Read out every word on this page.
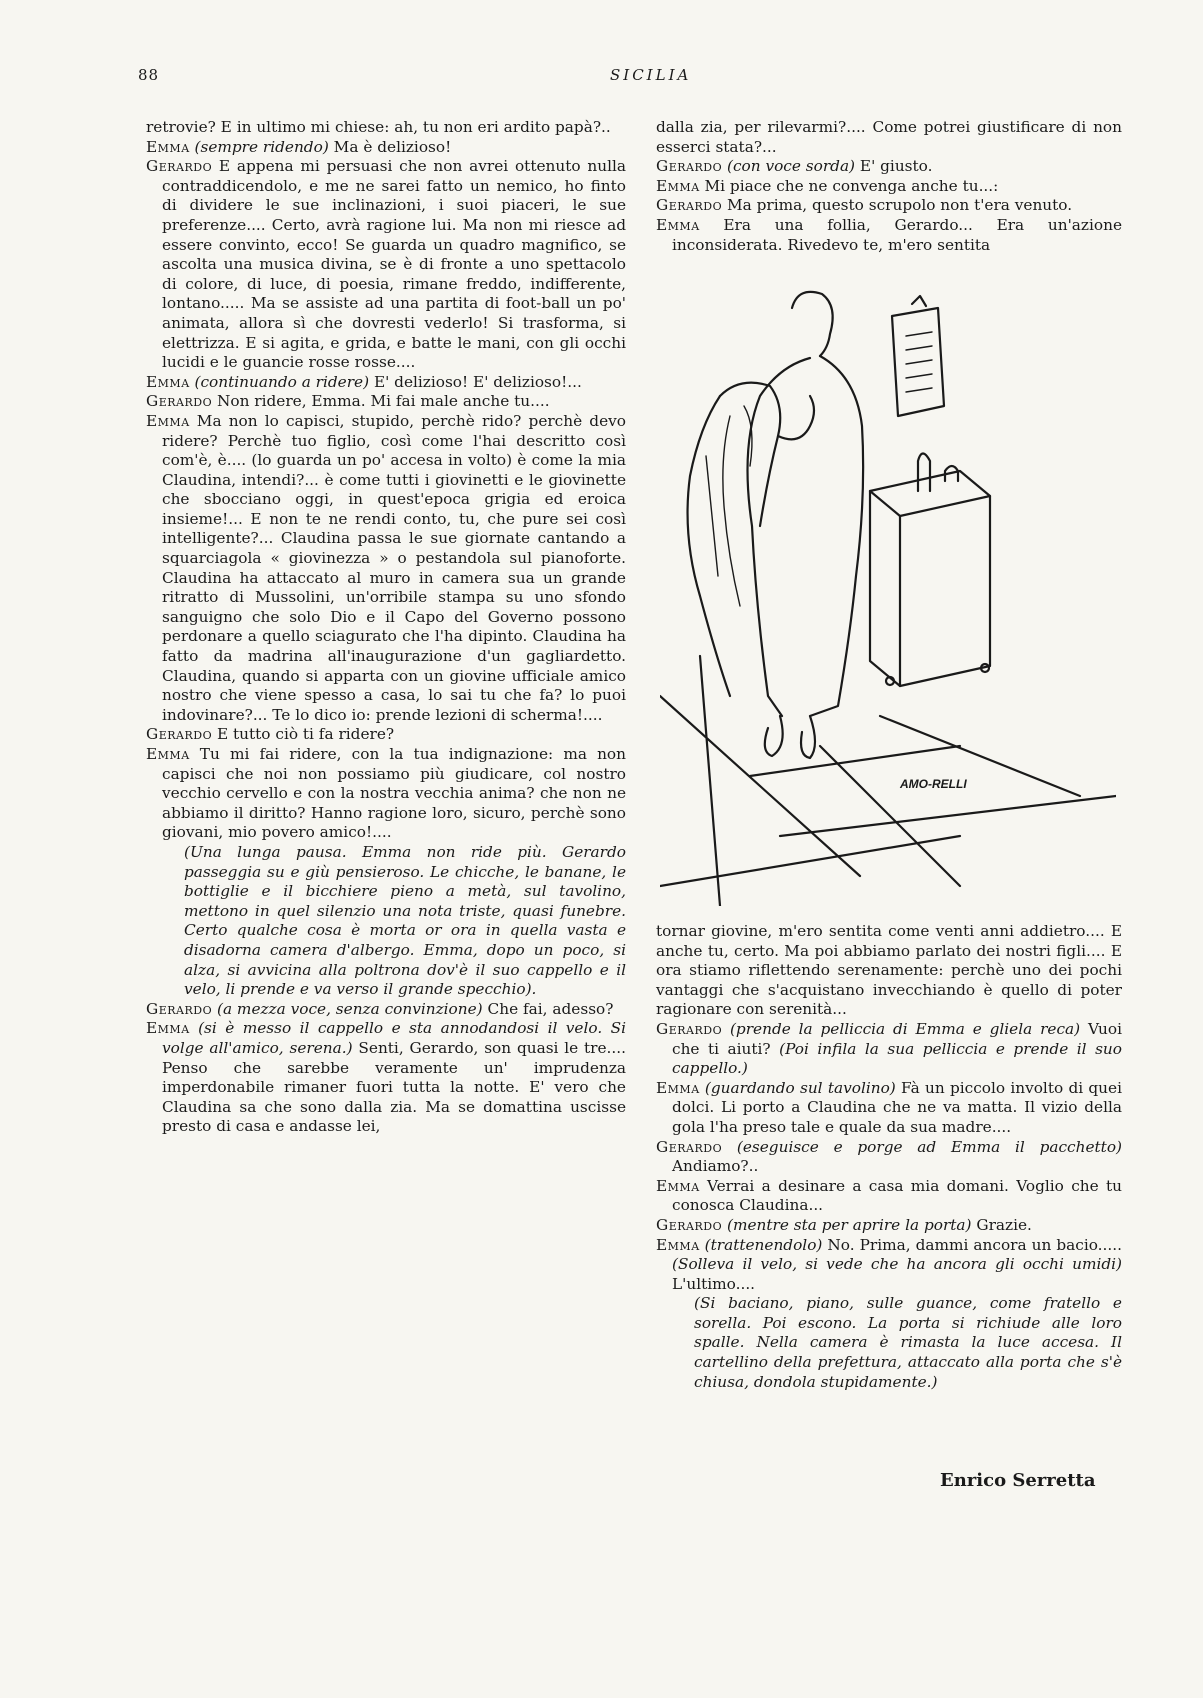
88	SICILIA

retrovie? E in ultimo mi chiese: ah, tu non eri ardito papà?..

Emma (sempre ridendo) Ma è delizioso!

Gerardo E appena mi persuasi che non avrei ottenuto nulla contraddicendolo, e me ne sarei fatto un nemico, ho finto di dividere le sue inclinazioni, i suoi piaceri, le sue preferenze.... Certo, avrà ragione lui. Ma non mi riesce ad essere convinto, ecco! Se guarda un quadro magnifico, se ascolta una musica divina, se è di fronte a uno spettacolo di colore, di luce, di poesia, rimane freddo, indifferente, lontano..... Ma se assiste ad una partita di foot-ball un po' animata, allora sì che dovresti vederlo! Si trasforma, si elettrizza. E si agita, e grida, e batte le mani, con gli occhi lucidi e le guancie rosse rosse....

Emma (continuando a ridere) E' delizioso! E' delizioso!...

Gerardo Non ridere, Emma. Mi fai male anche tu....

Emma Ma non lo capisci, stupido, perchè rido? perchè devo ridere? Perchè tuo figlio, così come l'hai descritto così com'è, è.... (lo guarda un po' accesa in volto) è come la mia Claudina, intendi?... è come tutti i giovinetti e le giovinette che sbocciano oggi, in quest'epoca grigia ed eroica insieme!... E non te ne rendi conto, tu, che pure sei così intelligente?... Claudina passa le sue giornate cantando a squarciagola « giovinezza » o pestandola sul pianoforte. Claudina ha attaccato al muro in camera sua un grande ritratto di Mussolini, un'orribile stampa su uno sfondo sanguigno che solo Dio e il Capo del Governo possono perdonare a quello sciagurato che l'ha dipinto. Claudina ha fatto da madrina all'inaugurazione d'un gagliardetto. Claudina, quando si apparta con un giovine ufficiale amico nostro che viene spesso a casa, lo sai tu che fa? lo puoi indovinare?... Te lo dico io: prende lezioni di scherma!....

Gerardo E tutto ciò ti fa ridere?

Emma Tu mi fai ridere, con la tua indignazione: ma non capisci che noi non possiamo più giudicare, col nostro vecchio cervello e con la nostra vecchia anima? che non ne abbiamo il diritto? Hanno ragione loro, sicuro, perchè sono giovani, mio povero amico!....

(Una lunga pausa. Emma non ride più. Gerardo passeggia su e giù pensieroso. Le chicche, le banane, le bottiglie e il bicchiere pieno a metà, sul tavolino, mettono in quel silenzio una nota triste, quasi funebre. Certo qualche cosa è morta or ora in quella vasta e disadorna camera d'albergo. Emma, dopo un poco, si alza, si avvicina alla poltrona dov'è il suo cappello e il velo, li prende e va verso il grande specchio).

Gerardo (a mezza voce, senza convinzione) Che fai, adesso?

Emma (si è messo il cappello e sta annodandosi il velo. Si volge all'amico, serena.) Senti, Gerardo, son quasi le tre.... Penso che sarebbe veramente un' imprudenza imperdonabile rimaner fuori tutta la notte. E' vero che Claudina sa che sono dalla zia. Ma se domattina uscisse presto di casa e andasse lei,

dalla zia, per rilevarmi?.... Come potrei giustificare di non esserci stata?...

Gerardo (con voce sorda) E' giusto.

Emma Mi piace che ne convenga anche tu...:

Gerardo Ma prima, questo scrupolo non t'era venuto.

Emma Era una follia, Gerardo... Era un'azione inconsiderata. Rivedevo te, m'ero sentita

AMO-RELLI

tornar giovine, m'ero sentita come venti anni addietro.... E anche tu, certo. Ma poi abbiamo parlato dei nostri figli.... E ora stiamo riflettendo serenamente: perchè uno dei pochi vantaggi che s'acquistano invecchiando è quello di poter ragionare con serenità...

Gerardo (prende la pelliccia di Emma e gliela reca) Vuoi che ti aiuti? (Poi infila la sua pelliccia e prende il suo cappello.)

Emma (guardando sul tavolino) Fà un piccolo involto di quei dolci. Li porto a Claudina che ne va matta. Il vizio della gola l'ha preso tale e quale da sua madre....

Gerardo (eseguisce e porge ad Emma il pacchetto) Andiamo?..

Emma Verrai a desinare a casa mia domani. Voglio che tu conosca Claudina...

Gerardo (mentre sta per aprire la porta) Grazie.

Emma (trattenendolo) No. Prima, dammi ancora un bacio..... (Solleva il velo, si vede che ha ancora gli occhi umidi) L'ultimo....

(Si baciano, piano, sulle guance, come fratello e sorella. Poi escono. La porta si richiude alle loro spalle. Nella camera è rimasta la luce accesa. Il cartellino della prefettura, attaccato alla porta che s'è chiusa, dondola stupidamente.)

Enrico Serretta
